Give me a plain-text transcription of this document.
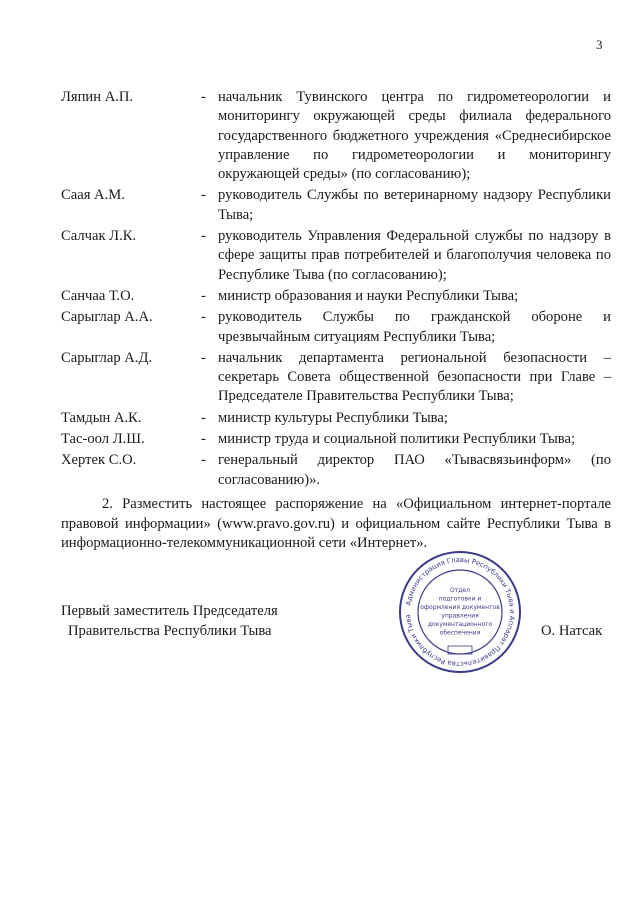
3
Ляпин А.П.	- начальник Тувинского центра по гидрометеорологии и мониторингу окружающей среды филиала федерального государственного бюджетного учреждения «Среднесибирское управление по гидрометеорологии и мониторингу окружающей среды» (по согласованию);
Саая А.М.	- руководитель Службы по ветеринарному надзору Республики Тыва;
Салчак Л.К.	- руководитель Управления Федеральной службы по надзору в сфере защиты прав потребителей и благополучия человека по Республике Тыва (по согласованию);
Санчаа Т.О.	- министр образования и науки Республики Тыва;
Сарыглар А.А.	- руководитель Службы по гражданской обороне и чрезвычайным ситуациям Республики Тыва;
Сарыглар А.Д.	- начальник департамента региональной безопасности – секретарь Совета общественной безопасности при Главе – Председателе Правительства Республики Тыва;
Тамдын А.К.	- министр культуры Республики Тыва;
Тас-оол Л.Ш.	- министр труда и социальной политики Республики Тыва;
Хертек С.О.	- генеральный директор ПАО «Тывасвязьинформ» (по согласованию)».

2. Разместить настоящее распоряжение на «Официальном интернет-портале правовой информации» (www.pravo.gov.ru) и официальном сайте Республики Тыва в информационно-телекоммуникационной сети «Интернет».

Администрация Главы Республики Тыва и Аппарат Правительства Республики Тыва
Отдел
подготовки и
оформления документов
управления
документационного
обеспечения
Первый заместитель Председателя
Правительства Республики Тыва	О. Натсак
